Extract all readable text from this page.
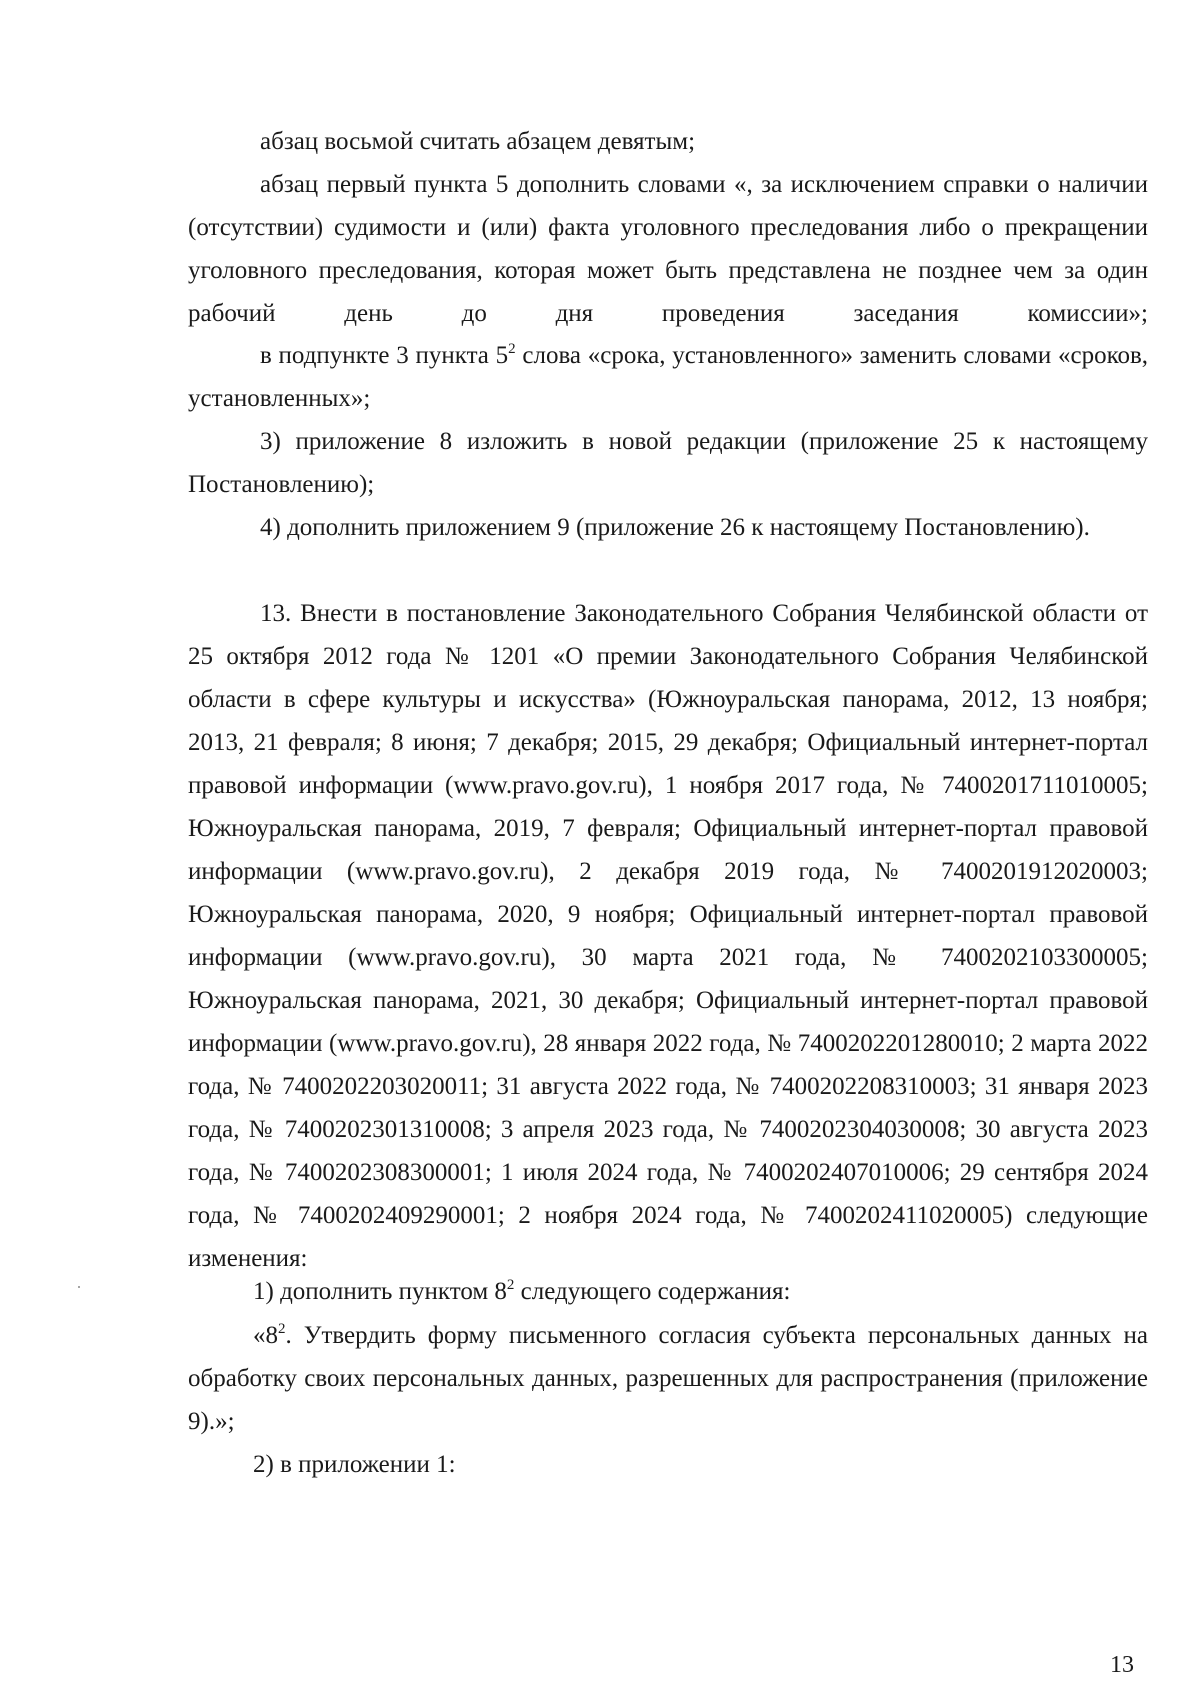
абзац восьмой считать абзацем девятым;

абзац первый пункта 5 дополнить словами «, за исключением справки о наличии (отсутствии) судимости и (или) факта уголовного преследования либо о прекращении уголовного преследования, которая может быть представлена не позднее чем за один рабочий день до дня проведения заседания комиссии»;

в подпункте 3 пункта $5^2$ слова «срока, установленного» заменить словами «сроков, установленных»;

3) приложение 8 изложить в новой редакции (приложение 25 к настоящему Постановлению);

4) дополнить приложением 9 (приложение 26 к настоящему Постановлению).

13. Внести в постановление Законодательного Собрания Челябинской области от 25 октября 2012 года № 1201 «О премии Законодательного Собрания Челябинской области в сфере культуры и искусства» (Южноуральская панорама, 2012, 13 ноября; 2013, 21 февраля; 8 июня; 7 декабря; 2015, 29 декабря; Официальный интернет-портал правовой информации (www.pravo.gov.ru), 1 ноября 2017 года, № 7400201711010005; Южноуральская панорама, 2019, 7 февраля; Официальный интернет-портал правовой информации (www.pravo.gov.ru), 2 декабря 2019 года, № 7400201912020003; Южноуральская панорама, 2020, 9 ноября; Официальный интернет-портал правовой информации (www.pravo.gov.ru), 30 марта 2021 года, № 7400202103300005; Южноуральская панорама, 2021, 30 декабря; Официальный интернет-портал правовой информации (www.pravo.gov.ru), 28 января 2022 года, № 7400202201280010; 2 марта 2022 года, № 7400202203020011; 31 августа 2022 года, № 7400202208310003; 31 января 2023 года, № 7400202301310008; 3 апреля 2023 года, № 7400202304030008; 30 августа 2023 года, № 7400202308300001; 1 июля 2024 года, № 7400202407010006; 29 сентября 2024 года, № 7400202409290001; 2 ноября 2024 года, № 7400202411020005) следующие изменения:

1) дополнить пунктом $8^2$ следующего содержания:

«$8^2$. Утвердить форму письменного согласия субъекта персональных данных на обработку своих персональных данных, разрешенных для распространения (приложение 9).»;

2) в приложении 1:

13
